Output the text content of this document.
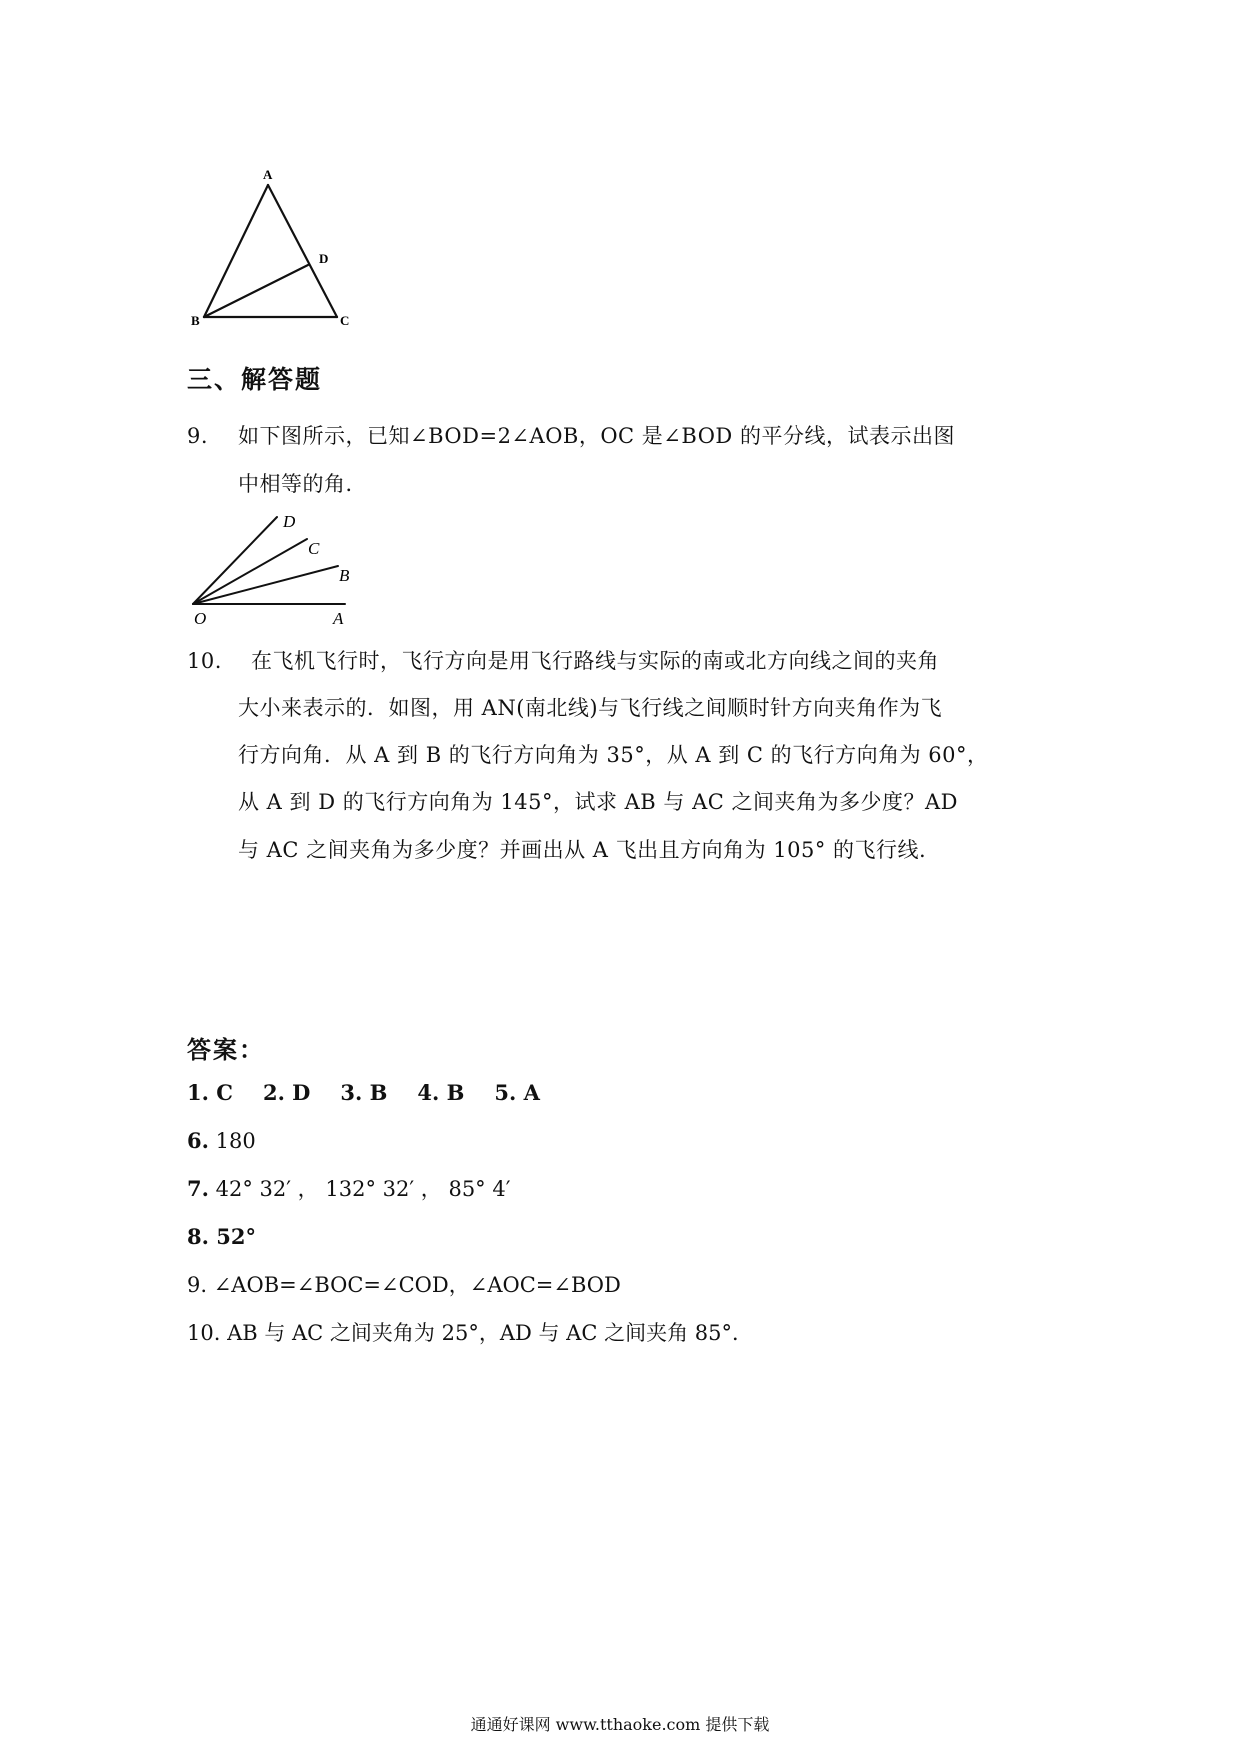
A
B	C
D
三、解答题
9. 如下图所示，已知∠BOD=2∠AOB，OC 是∠BOD 的平分线，试表示出图
中相等的角．
O	A
B
C
D
10. 在飞机飞行时，飞行方向是用飞行路线与实际的南或北方向线之间的夹角
大小来表示的．如图，用 AN(南北线)与飞行线之间顺时针方向夹角作为飞
行方向角．从 A 到 B 的飞行方向角为 35°，从 A 到 C 的飞行方向角为 60°，
从 A 到 D 的飞行方向角为 145°，试求 AB 与 AC 之间夹角为多少度？AD
与 AC 之间夹角为多少度？并画出从 A 飞出且方向角为 105° 的飞行线.
答案：
1. C 2. D 3. B 4. B 5. A
6. 180
7. 42° 32′ ， 132° 32′ ， 85° 4′
8. 52°
9. ∠AOB=∠BOC=∠COD，∠AOC=∠BOD
10. AB 与 AC 之间夹角为 25°，AD 与 AC 之间夹角 85°．
通通好课网 www.tthaoke.com 提供下载
